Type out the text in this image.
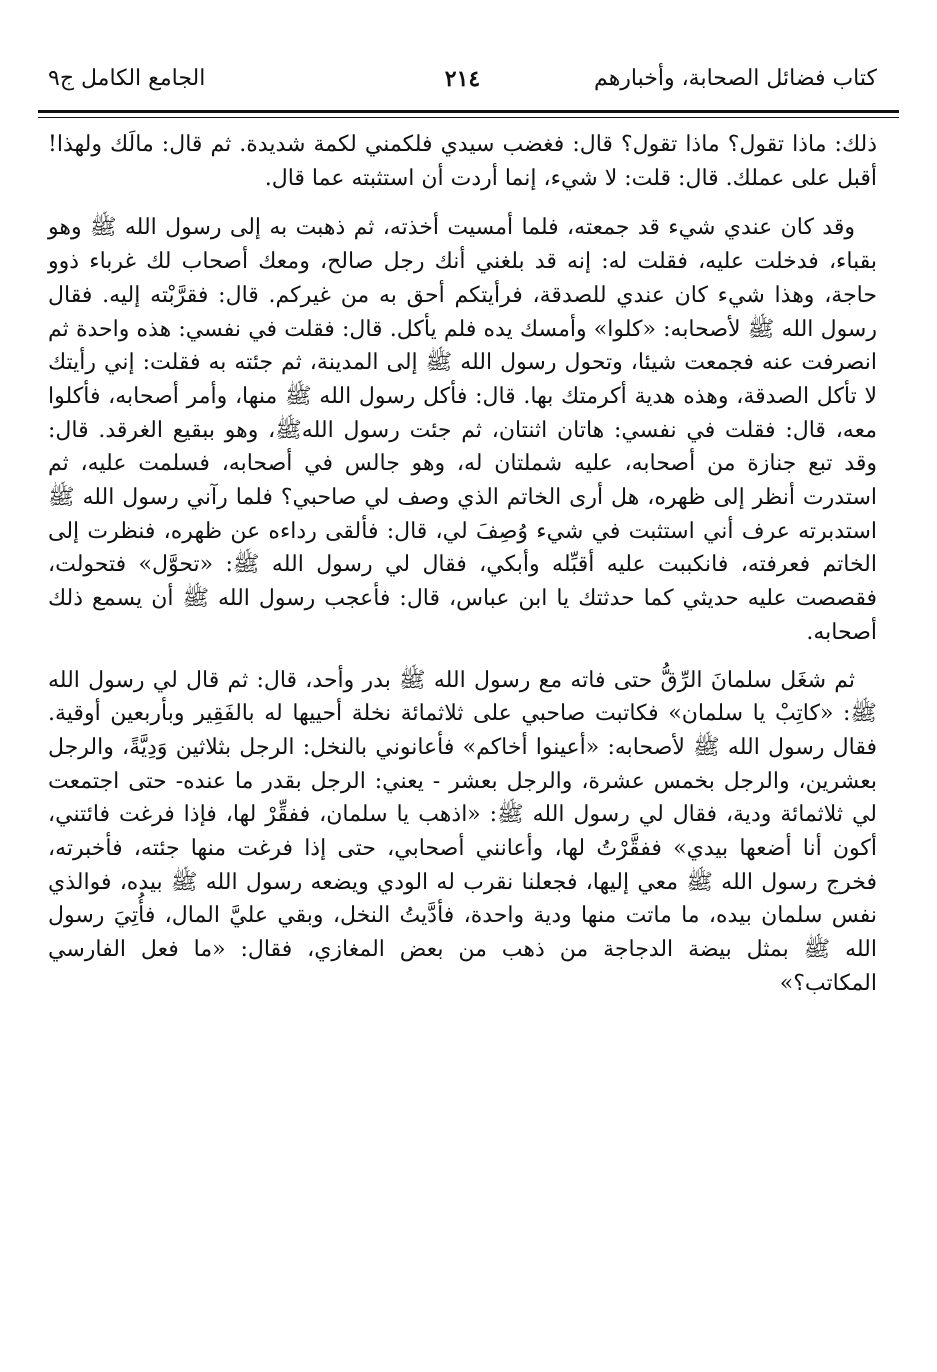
كتاب فضائل الصحابة، وأخبارهم
٢١٤
الجامع الكامل ج٩

ذلك: ماذا تقول؟ ماذا تقول؟ قال: فغضب سيدي فلكمني لكمة شديدة. ثم قال: مالَك ولهذا! أقبل على عملك. قال: قلت: لا شيء، إنما أردت أن استثبته عما قال.

وقد كان عندي شيء قد جمعته، فلما أمسيت أخذته، ثم ذهبت به إلى رسول الله ﷺ وهو بقباء، فدخلت عليه، فقلت له: إنه قد بلغني أنك رجل صالح، ومعك أصحاب لك غرباء ذوو حاجة، وهذا شيء كان عندي للصدقة، فرأيتكم أحق به من غيركم. قال: فقرَّبْته إليه. فقال رسول الله ﷺ لأصحابه: «كلوا» وأمسك يده فلم يأكل. قال: فقلت في نفسي: هذه واحدة ثم انصرفت عنه فجمعت شيئا، وتحول رسول الله ﷺ إلى المدينة، ثم جئته به فقلت: إني رأيتك لا تأكل الصدقة، وهذه هدية أكرمتك بها. قال: فأكل رسول الله ﷺ منها، وأمر أصحابه، فأكلوا معه، قال: فقلت في نفسي: هاتان اثنتان، ثم جئت رسول اللهﷺ، وهو ببقيع الغرقد. قال: وقد تبع جنازة من أصحابه، عليه شملتان له، وهو جالس في أصحابه، فسلمت عليه، ثم استدرت أنظر إلى ظهره، هل أرى الخاتم الذي وصف لي صاحبي؟ فلما رآني رسول الله ﷺ استدبرته عرف أني استثبت في شيء وُصِفَ لي، قال: فألقى رداءه عن ظهره، فنظرت إلى الخاتم فعرفته، فانكببت عليه أقبِّله وأبكي، فقال لي رسول الله ﷺ: «تحوَّل» فتحولت، فقصصت عليه حديثي كما حدثتك يا ابن عباس، قال: فأعجب رسول الله ﷺ أن يسمع ذلك أصحابه.

ثم شغَل سلمانَ الرِّقُّ حتى فاته مع رسول الله ﷺ بدر وأحد، قال: ثم قال لي رسول الله ﷺ: «كاتِبْ يا سلمان» فكاتبت صاحبي على ثلاثمائة نخلة أحييها له بالفَقِير وبأربعين أوقية. فقال رسول الله ﷺ لأصحابه: «أعينوا أخاكم» فأعانوني بالنخل: الرجل بثلاثين وَدِيَّةً، والرجل بعشرين، والرجل بخمس عشرة، والرجل بعشر - يعني: الرجل بقدر ما عنده- حتى اجتمعت لي ثلاثمائة ودية، فقال لي رسول الله ﷺ: «اذهب يا سلمان، ففقِّرْ لها، فإذا فرغت فائتني، أكون أنا أضعها بيدي» ففقَّرْتُ لها، وأعانني أصحابي، حتى إذا فرغت منها جئته، فأخبرته، فخرج رسول الله ﷺ معي إليها، فجعلنا نقرب له الودي ويضعه رسول الله ﷺ بيده، فوالذي نفس سلمان بيده، ما ماتت منها ودية واحدة، فأدَّيتُ النخل، وبقي عليَّ المال، فأُتِيَ رسول الله ﷺ بمثل بيضة الدجاجة من ذهب من بعض المغازي، فقال: «ما فعل الفارسي المكاتب؟»
